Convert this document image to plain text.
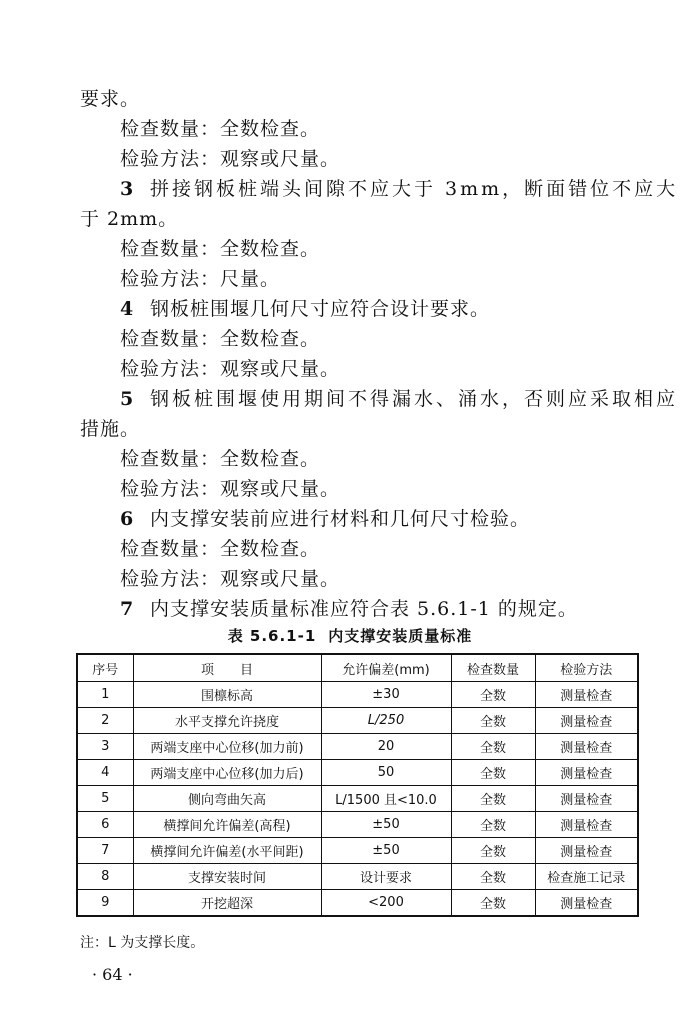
要求。
检查数量：全数检查。
检验方法：观察或尺量。
3 拼接钢板桩端头间隙不应大于 3mm，断面错位不应大
于 2mm。
检查数量：全数检查。
检验方法：尺量。
4 钢板桩围堰几何尺寸应符合设计要求。
检查数量：全数检查。
检验方法：观察或尺量。
5 钢板桩围堰使用期间不得漏水、涌水，否则应采取相应
措施。
检查数量：全数检查。
检验方法：观察或尺量。
6 内支撑安装前应进行材料和几何尺寸检验。
检查数量：全数检查。
检验方法：观察或尺量。
7 内支撑安装质量标准应符合表 5.6.1-1 的规定。
表 5.6.1-1 内支撑安装质量标准
序号	项　　目	允许偏差(mm)	检查数量	检验方法
1	围檩标高	±30	全数	测量检查
2	水平支撑允许挠度	L/250	全数	测量检查
3	两端支座中心位移(加力前)	20	全数	测量检查
4	两端支座中心位移(加力后)	50	全数	测量检查
5	侧向弯曲矢高	L/1500 且<10.0	全数	测量检查
6	横撑间允许偏差(高程)	±50	全数	测量检查
7	横撑间允许偏差(水平间距)	±50	全数	测量检查
8	支撑安装时间	设计要求	全数	检查施工记录
9	开挖超深	<200	全数	测量检查
注：L 为支撑长度。
· 64 ·
